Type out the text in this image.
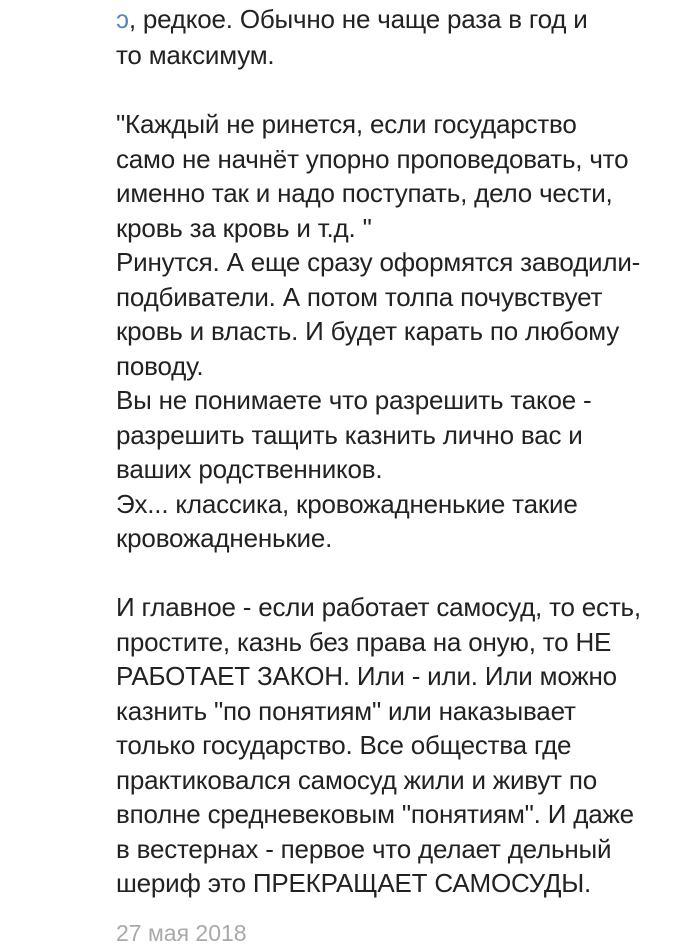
ɔ, редкое. Обычно не чаще раза в год и
то максимум.
"Каждый не ринется, если государство
само не начнёт упорно проповедовать, что
именно так и надо поступать, дело чести,
кровь за кровь и т.д. "
Ринутся. А еще сразу оформятся заводили-
подбиватели. А потом толпа почувствует
кровь и власть. И будет карать по любому
поводу.
Вы не понимаете что разрешить такое -
разрешить тащить казнить лично вас и
ваших родственников.
Эх... классика, кровожадненькие такие
кровожадненькие.
И главное - если работает самосуд, то есть,
простите, казнь без права на оную, то НЕ
РАБОТАЕТ ЗАКОН. Или - или. Или можно
казнить "по понятиям" или наказывает
только государство. Все общества где
практиковался самосуд жили и живут по
вполне средневековым "понятиям". И даже
в вестернах - первое что делает дельный
шериф это ПРЕКРАЩАЕТ САМОСУДЫ.
27 мая 2018
